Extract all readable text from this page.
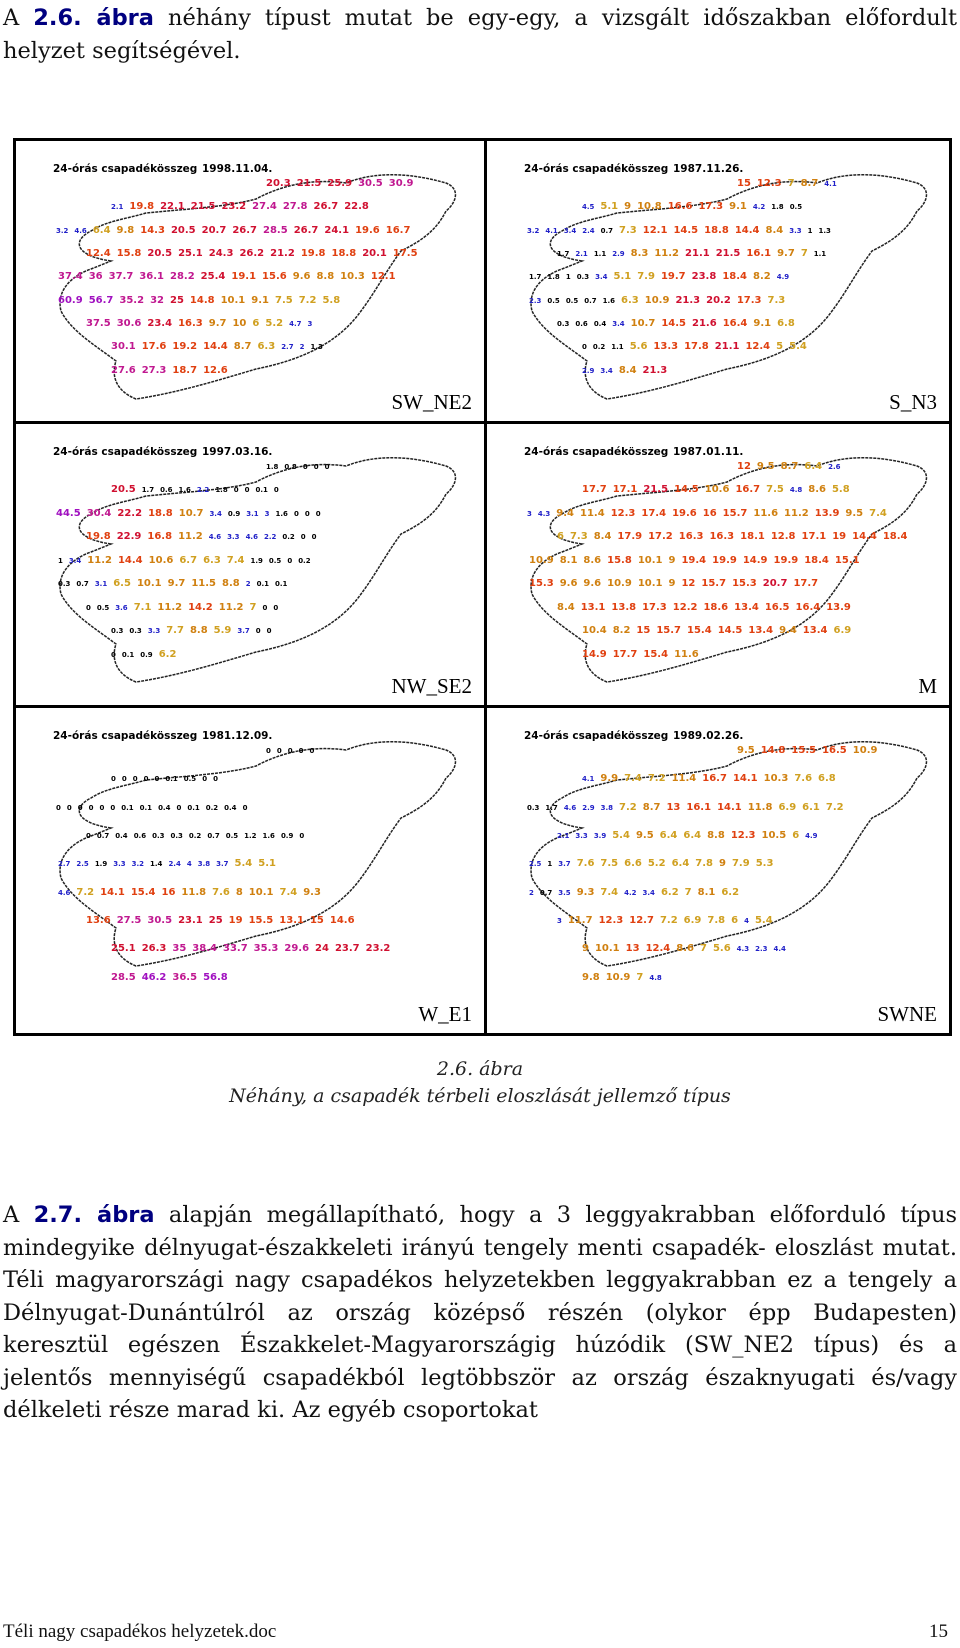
A 2.6. ábra néhány típust mutat be egy-egy, a vizsgált időszakban előfordult helyzet segítségével.
24-órás csapadékösszeg 1998.11.04.
20.3 21.5 25.9 30.5 30.9
2.1 19.8 22.1 21.5 23.2 27.4 27.8 26.7 22.8
3.2 4.6 6.4 9.8 14.3 20.5 20.7 26.7 28.5 26.7 24.1 19.6 16.7
12.4 15.8 20.5 25.1 24.3 26.2 21.2 19.8 18.8 20.1 17.5
37.4 36 37.7 36.1 28.2 25.4 19.1 15.6 9.6 8.8 10.3 12.1
60.9 56.7 35.2 32 25 14.8 10.1 9.1 7.5 7.2 5.8
37.5 30.6 23.4 16.3 9.7 10 6 5.2 4.7 3
30.1 17.6 19.2 14.4 8.7 6.3 2.7 2 1.3
27.6 27.3 18.7 12.6
SW_NE2
24-órás csapadékösszeg 1987.11.26.
15 12.3 7 8.7 4.1
4.5 5.1 9 10.8 16.6 17.3 9.1 4.2 1.8 0.5
3.2 4.1 3.4 2.4 0.7 7.3 12.1 14.5 18.8 14.4 8.4 3.3 1 1.3
1.7 2.1 1.1 2.9 8.3 11.2 21.1 21.5 16.1 9.7 7 1.1
1.7 1.8 1 0.3 3.4 5.1 7.9 19.7 23.8 18.4 8.2 4.9
2.3 0.5 0.5 0.7 1.6 6.3 10.9 21.3 20.2 17.3 7.3
0.3 0.6 0.4 3.4 10.7 14.5 21.6 16.4 9.1 6.8
0 0.2 1.1 5.6 13.3 17.8 21.1 12.4 5 5.4
2.9 3.4 8.4 21.3
S_N3
24-órás csapadékösszeg 1997.03.16.
1.8 0.8 0 0 0
20.5 1.7 0.6 1.6 2.2 1.8 0 0 0.1 0
44.5 30.4 22.2 18.8 10.7 3.4 0.9 3.1 3 1.6 0 0 0
19.8 22.9 16.8 11.2 4.6 3.3 4.6 2.2 0.2 0 0
1 3.4 11.2 14.4 10.6 6.7 6.3 7.4 1.9 0.5 0 0.2
0.3 0.7 3.1 6.5 10.1 9.7 11.5 8.8 2 0.1 0.1
0 0.5 3.6 7.1 11.2 14.2 11.2 7 0 0
0.3 0.3 3.3 7.7 8.8 5.9 3.7 0 0
0 0.1 0.9 6.2
NW_SE2
24-órás csapadékösszeg 1987.01.11.
12 9.5 8.7 6.4 2.6
17.7 17.1 21.5 14.5 10.6 16.7 7.5 4.8 8.6 5.8
3 4.3 9.4 11.4 12.3 17.4 19.6 16 15.7 11.6 11.2 13.9 9.5 7.4
6 7.3 8.4 17.9 17.2 16.3 16.3 18.1 12.8 17.1 19 14.4 18.4
10.9 8.1 8.6 15.8 10.1 9 19.4 19.9 14.9 19.9 18.4 15.1
15.3 9.6 9.6 10.9 10.1 9 12 15.7 15.3 20.7 17.7
8.4 13.1 13.8 17.3 12.2 18.6 13.4 16.5 16.4 13.9
10.4 8.2 15 15.7 15.4 14.5 13.4 9.4 13.4 6.9
14.9 17.7 15.4 11.6
M
24-órás csapadékösszeg 1981.12.09.
0 0 0 0 0
0 0 0 0 0 0.1 0.5 0 0
0 0 0 0 0 0 0.1 0.1 0.4 0 0.1 0.2 0.4 0
0 0.7 0.4 0.6 0.3 0.3 0.2 0.7 0.5 1.2 1.6 0.9 0
2.7 2.5 1.9 3.3 3.2 1.4 2.4 4 3.8 3.7 5.4 5.1
4.6 7.2 14.1 15.4 16 11.8 7.6 8 10.1 7.4 9.3
13.6 27.5 30.5 23.1 25 19 15.5 13.1 15 14.6
25.1 26.3 35 38.4 33.7 35.3 29.6 24 23.7 23.2
28.5 46.2 36.5 56.8
W_E1
24-órás csapadékösszeg 1989.02.26.
9.5 14.8 15.5 16.5 10.9
4.1 9.9 7.4 7.2 11.4 16.7 14.1 10.3 7.6 6.8
0.3 1.7 4.6 2.9 3.8 7.2 8.7 13 16.1 14.1 11.8 6.9 6.1 7.2
2.1 3.3 3.9 5.4 9.5 6.4 6.4 8.8 12.3 10.5 6 4.9
2.5 1 3.7 7.6 7.5 6.6 5.2 6.4 7.8 9 7.9 5.3
2 0.7 3.5 9.3 7.4 4.2 3.4 6.2 7 8.1 6.2
3 11.7 12.3 12.7 7.2 6.9 7.8 6 4 5.4
9 10.1 13 12.4 8.6 7 5.6 4.3 2.3 4.4
9.8 10.9 7 4.8
SWNE
2.6. ábra
Néhány, a csapadék térbeli eloszlását jellemző típus
A 2.7. ábra alapján megállapítható, hogy a 3 leggyakrabban előforduló típus mindegyike délnyugat-északkeleti irányú tengely menti csapadék- eloszlást mutat. Téli magyarországi nagy csapadékos helyzetekben leggyakrabban ez a tengely a Délnyugat-Dunántúlról az ország középső részén (olykor épp Budapesten) keresztül egészen Északkelet-Magyarországig húzódik (SW_NE2 típus) és a jelentős mennyiségű csapadékból legtöbbször az ország északnyugati és/vagy délkeleti része marad ki. Az egyéb csoportokat
Téli nagy csapadékos helyzetek.doc	15
